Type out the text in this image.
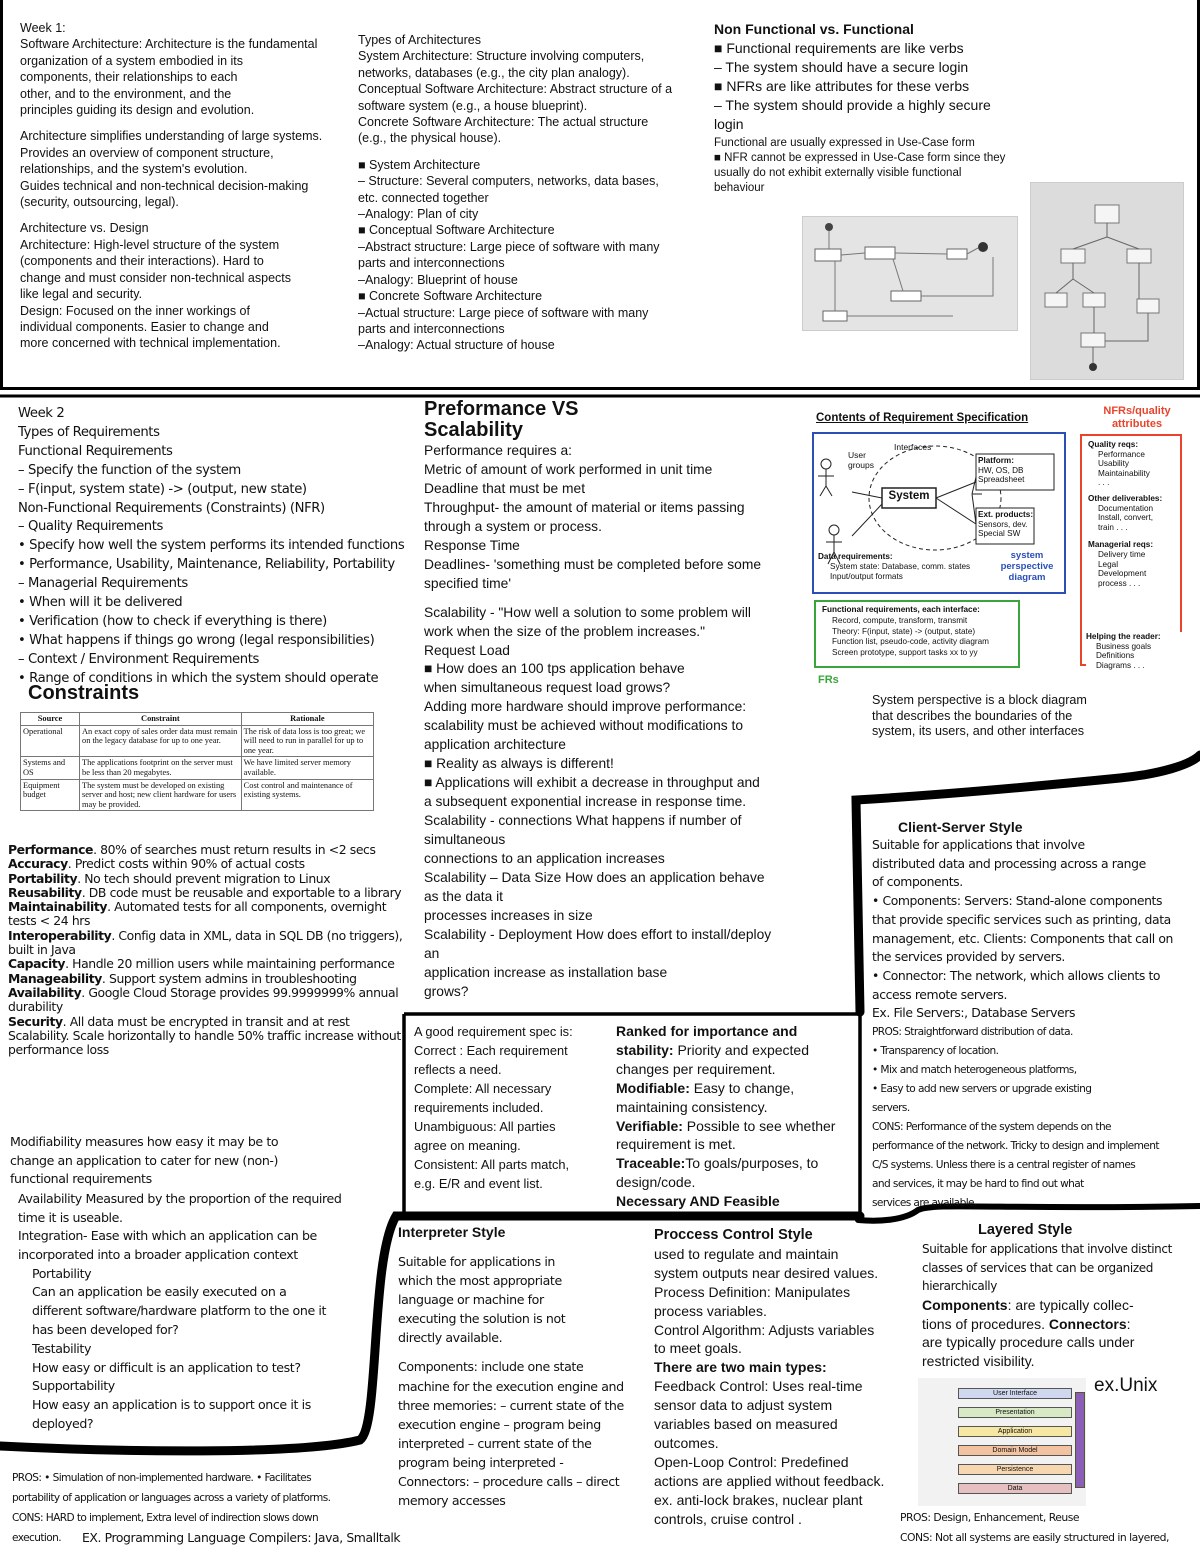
Week 1:
Software Architecture: Architecture is the fundamental
organization of a system embodied in its
components, their relationships to each
other, and to the environment, and the
principles guiding its design and evolution.
Architecture simplifies understanding of large systems.
Provides an overview of component structure,
relationships, and the system's evolution.
Guides technical and non-technical decision-making
(security, outsourcing, legal).
Architecture vs. Design
Architecture: High-level structure of the system
(components and their interactions). Hard to
change and must consider non-technical aspects
like legal and security.
Design: Focused on the inner workings of
individual components. Easier to change and
more concerned with technical implementation.
Types of Architectures
System Architecture: Structure involving computers,
networks, databases (e.g., the city plan analogy).
Conceptual Software Architecture: Abstract structure of a
software system (e.g., a house blueprint).
Concrete Software Architecture: The actual structure
(e.g., the physical house).
■ System Architecture
– Structure: Several computers, networks, data bases,
etc. connected together
–Analogy: Plan of city
■ Conceptual Software Architecture
–Abstract structure: Large piece of software with many
parts and interconnections
–Analogy: Blueprint of house
■ Concrete Software Architecture
–Actual structure: Large piece of software with many
parts and interconnections
–Analogy: Actual structure of house
Non Functional vs. Functional
■ Functional requirements are like verbs
– The system should have a secure login
■ NFRs are like attributes for these verbs
– The system should provide a highly secure
login
Functional are usually expressed in Use-Case form
■ NFR cannot be expressed in Use-Case form since they
usually do not exhibit externally visible functional
behaviour
Week 2
Types of Requirements
Functional Requirements
– Specify the function of the system
– F(input, system state) -> (output, new state)
Non-Functional Requirements (Constraints) (NFR)
– Quality Requirements
• Specify how well the system performs its intended functions
• Performance, Usability, Maintenance, Reliability, Portability
– Managerial Requirements
• When will it be delivered
• Verification (how to check if everything is there)
• What happens if things go wrong (legal responsibilities)
– Context / Environment Requirements
• Range of conditions in which the system should operate
Constraints
Source	Constraint	Rationale
Operational	An exact copy of sales order data must remain on the legacy database for up to one year.	The risk of data loss is too great; we will need to run in parallel for up to one year.
Systems and OS	The applications footprint on the server must be less than 20 megabytes.	We have limited server memory available.
Equipment budget	The system must be developed on existing server and host; new client hardware for users may be provided.	Cost control and maintenance of existing systems.
Performance. 80% of searches must return results in <2 secs
Accuracy. Predict costs within 90% of actual costs
Portability. No tech should prevent migration to Linux
Reusability. DB code must be reusable and exportable to a library
Maintainability. Automated tests for all components, overnight tests < 24 hrs
Interoperability. Config data in XML, data in SQL DB (no triggers), built in Java
Capacity. Handle 20 million users while maintaining performance
Manageability. Support system admins in troubleshooting
Availability. Google Cloud Storage provides 99.9999999% annual durability
Security. All data must be encrypted in transit and at rest
Scalability. Scale horizontally to handle 50% traffic increase without performance loss
Modifiability measures how easy it may be to
change an application to cater for new (non-)
functional requirements
Availability Measured by the proportion of the required
time it is useable.
Integration- Ease with which an application can be
incorporated into a broader application context
Portability
Can an application be easily executed on a
different software/hardware platform to the one it
has been developed for?
Testability
How easy or difficult is an application to test?
Supportability
How easy an application is to support once it is
deployed?
Preformance VS
Scalability
Performance requires a:
Metric of amount of work performed in unit time
Deadline that must be met
Throughput- the amount of material or items passing
through a system or process.
Response Time
Deadlines- 'something must be completed before some
specified time'
Scalability - "How well a solution to some problem will
work when the size of the problem increases."
Request Load
■ How does an 100 tps application behave
when simultaneous request load grows?
Adding more hardware should improve performance:
scalability must be achieved without modifications to
application architecture
■ Reality as always is different!
■ Applications will exhibit a decrease in throughput and
a subsequent exponential increase in response time.
Scalability - connections What happens if number of
simultaneous
connections to an application increases
Scalability – Data Size How does an application behave
as the data it
processes increases in size
Scalability - Deployment How does effort to install/deploy
an
application increase as installation base
grows?
Contents of Requirement Specification
NFRs/quality attributes
Interfaces
User groups
System
Platform:
HW, OS, DB Spreadsheet
Ext. products:
Sensors, dev. Special SW
Data requirements:

System state: Database, comm. states Input/output formats
system perspective diagram
Functional requirements, each interface:
Record, compute, transform, transmit
Theory: F(input, state) -> (output, state)
Function list, pseudo-code, activity diagram
Screen prototype, support tasks xx to yy
FRs
Quality reqs:
Performance
Usability
Maintainability
. . .
Other deliverables:
Documentation
Install, convert,
train . . .
Managerial reqs:
Delivery time
Legal
Development
process . . .
Helping the reader:
Business goals
Definitions
Diagrams . . .
System perspective is a block diagram
that describes the boundaries of the
system, its users, and other interfaces
A good requirement spec is:
Correct : Each requirement
reflects a need.
Complete: All necessary
requirements included.
Unambiguous: All parties
agree on meaning.
Consistent: All parts match,
e.g. E/R and event list.
Ranked for importance and stability: Priority and expected changes per requirement.
Modifiable: Easy to change, maintaining consistency.
Verifiable: Possible to see whether requirement is met.
Traceable:To goals/purposes, to design/code.
Necessary AND Feasible
Client-Server Style
Suitable for applications that involve
distributed data and processing across a range
of components.
• Components: Servers: Stand-alone components
that provide specific services such as printing, data
management, etc. Clients: Components that call on
the services provided by servers.
• Connector: The network, which allows clients to
access remote servers.
Ex. File Servers:, Database Servers
PROS: Straightforward distribution of data.
• Transparency of location.
• Mix and match heterogeneous platforms,
• Easy to add new servers or upgrade existing
servers.
CONS: Performance of the system depends on the
performance of the network. Tricky to design and implement
C/S systems. Unless there is a central register of names
and services, it may be hard to find out what
services are available.
Interpreter Style
Suitable for applications in
which the most appropriate
language or machine for
executing the solution is not
directly available.
Components: include one state
machine for the execution engine and
three memories: – current state of the
execution engine – program being
interpreted – current state of the
program being interpreted -
Connectors: – procedure calls – direct
memory accesses
PROS: • Simulation of non-implemented hardware. • Facilitates
portability of application or languages across a variety of platforms.
CONS: HARD to implement, Extra level of indirection slows down
execution.	EX. Programming Language Compilers: Java, Smalltalk
Proccess Control Style
used to regulate and maintain
system outputs near desired values.
Process Definition: Manipulates
process variables.
Control Algorithm: Adjusts variables
to meet goals.
There are two main types:
Feedback Control: Uses real-time
sensor data to adjust system
variables based on measured
outcomes.
Open-Loop Control: Predefined
actions are applied without feedback.
ex. anti-lock brakes, nuclear plant
controls, cruise control .
Layered Style
Suitable for applications that involve distinct
classes of services that can be organized
hierarchically
Components: are typically collec-
tions of procedures. Connectors:
are typically procedure calls under
restricted visibility.
ex.Unix
User Interface
Presentation
Application
Domain Model
Persistence
Data
PROS: Design, Enhancement, Reuse
CONS: Not all systems are easily structured in layered,
